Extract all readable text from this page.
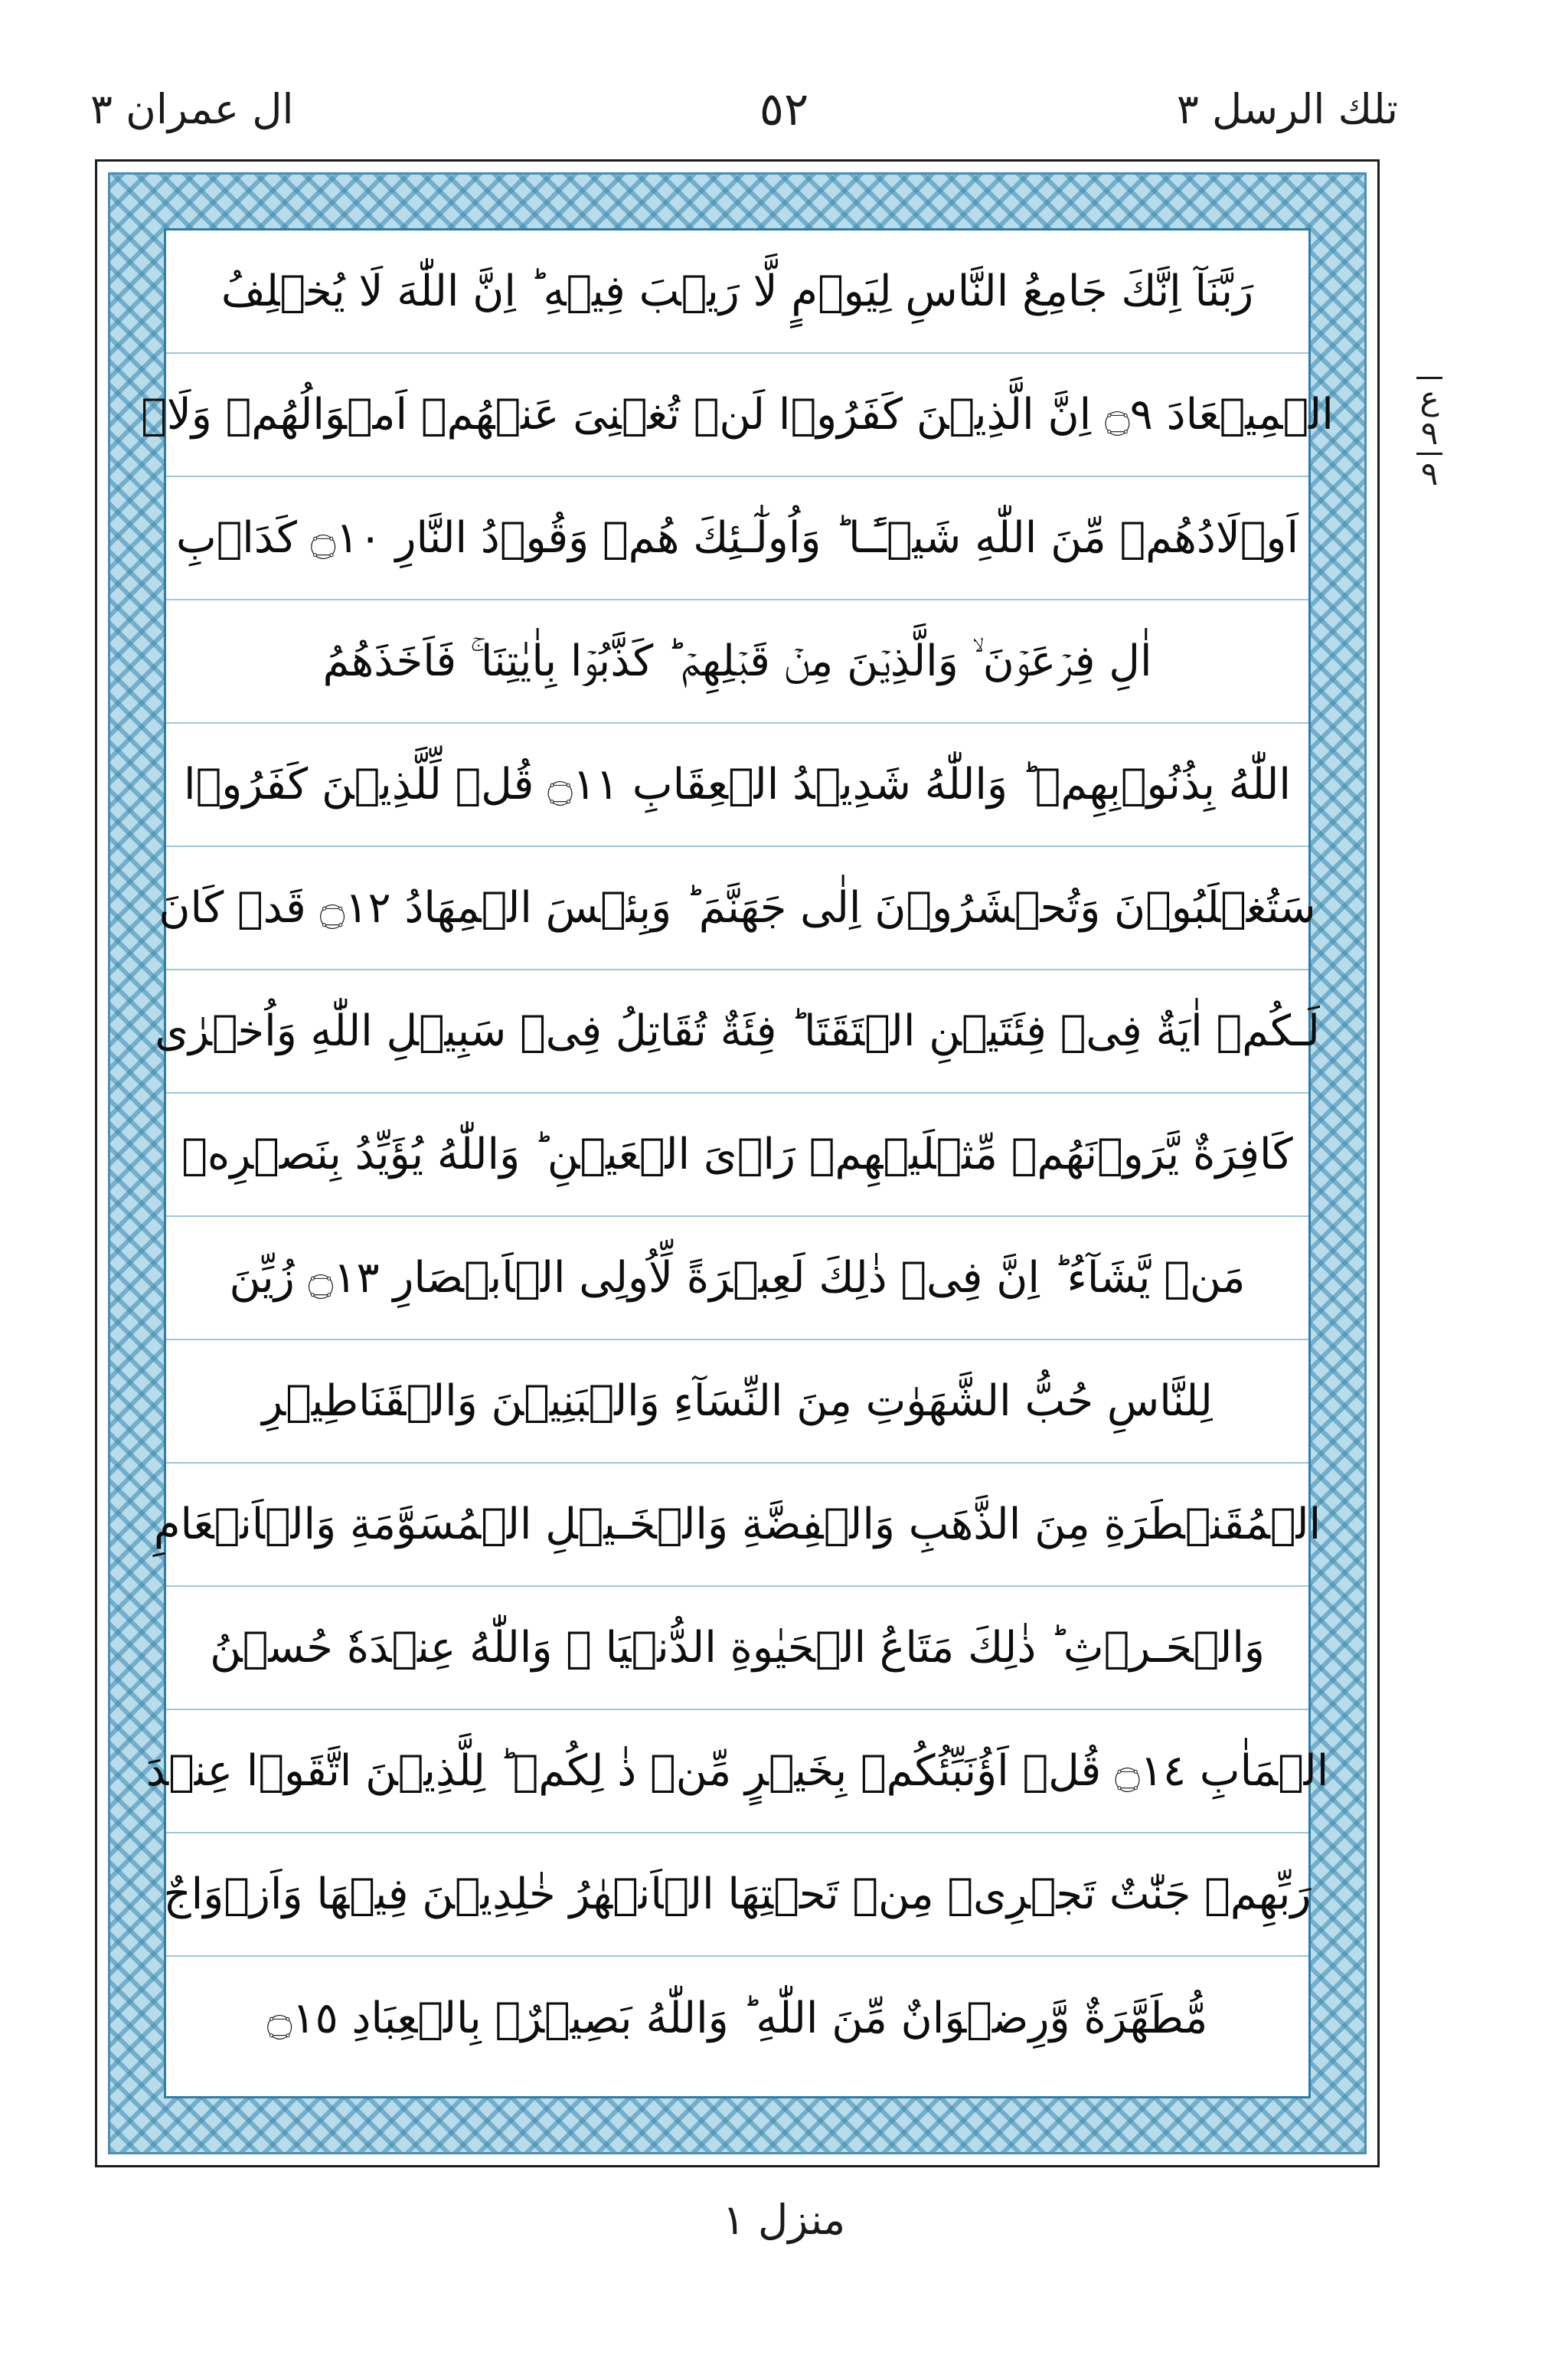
تلك الرسل ٣
٥٢
ال عمران ٣
رَبَّنَآ اِنَّكَ جَامِعُ النَّاسِ لِيَوۡمٍ لَّا رَيۡبَ فِيۡهِ ؕ اِنَّ اللّٰهَ لَا يُخۡلِفُ
الۡمِيۡعَادَ ۝٩ اِنَّ الَّذِيۡنَ كَفَرُوۡا لَنۡ تُغۡنِىَ عَنۡهُمۡ اَمۡوَالُهُمۡ وَلَاۤ
اَوۡلَادُهُمۡ مِّنَ اللّٰهِ شَيۡـًٔـا ؕ وَاُولٰٓـئِكَ هُمۡ وَقُوۡدُ النَّارِ ۝١٠ كَدَاۡبِ
اٰلِ فِرۡعَوۡنَ ۙ وَالَّذِيۡنَ مِنۡ قَبۡلِهِمۡ ؕ كَذَّبُوۡا بِاٰيٰتِنَا ۚ فَاَخَذَهُمُ
اللّٰهُ بِذُنُوۡبِهِمۡ ؕ وَاللّٰهُ شَدِيۡدُ الۡعِقَابِ ۝١١ قُلۡ لِّلَّذِيۡنَ كَفَرُوۡا
سَتُغۡلَبُوۡنَ وَتُحۡشَرُوۡنَ اِلٰى جَهَنَّمَ ؕ وَبِئۡسَ الۡمِهَادُ ۝١٢ قَدۡ كَانَ
لَـكُمۡ اٰيَةٌ فِىۡ فِئَتَيۡنِ الۡتَقَتَا ؕ فِئَةٌ تُقَاتِلُ فِىۡ سَبِيۡلِ اللّٰهِ وَاُخۡرٰى
كَافِرَةٌ يَّرَوۡنَهُمۡ مِّثۡلَيۡهِمۡ رَاۡىَ الۡعَيۡنِ ؕ وَاللّٰهُ يُؤَيِّدُ بِنَصۡرِهٖ
مَنۡ يَّشَآءُ ؕ اِنَّ فِىۡ ذٰلِكَ لَعِبۡرَةً لِّاُولِى الۡاَبۡصَارِ ۝١٣ زُيِّنَ
لِلنَّاسِ حُبُّ الشَّهَوٰتِ مِنَ النِّسَآءِ وَالۡبَنِيۡنَ وَالۡقَنَاطِيۡرِ
الۡمُقَنۡطَرَةِ مِنَ الذَّهَبِ وَالۡفِضَّةِ وَالۡخَـيۡلِ الۡمُسَوَّمَةِ وَالۡاَنۡعَامِ
وَالۡحَـرۡثِ ؕ ذٰلِكَ مَتَاعُ الۡحَيٰوةِ الدُّنۡيَا ۚ وَاللّٰهُ عِنۡدَهٗ حُسۡنُ
الۡمَاٰبِ ۝١٤ قُلۡ اَؤُنَبِّئُكُمۡ بِخَيۡرٍ مِّنۡ ذٰ لِكُمۡ ؕ لِلَّذِيۡنَ اتَّقَوۡا عِنۡدَ
رَبِّهِمۡ جَنّٰتٌ تَجۡرِىۡ مِنۡ تَحۡتِهَا الۡاَنۡهٰرُ خٰلِدِيۡنَ فِيۡهَا وَاَزۡوَاجٌ
مُّطَهَّرَةٌ وَّرِضۡوَانٌ مِّنَ اللّٰهِ ؕ وَاللّٰهُ بَصِيۡرٌۢ بِالۡعِبَادِ ۝١٥
ع
٩
٩
منزل ١
